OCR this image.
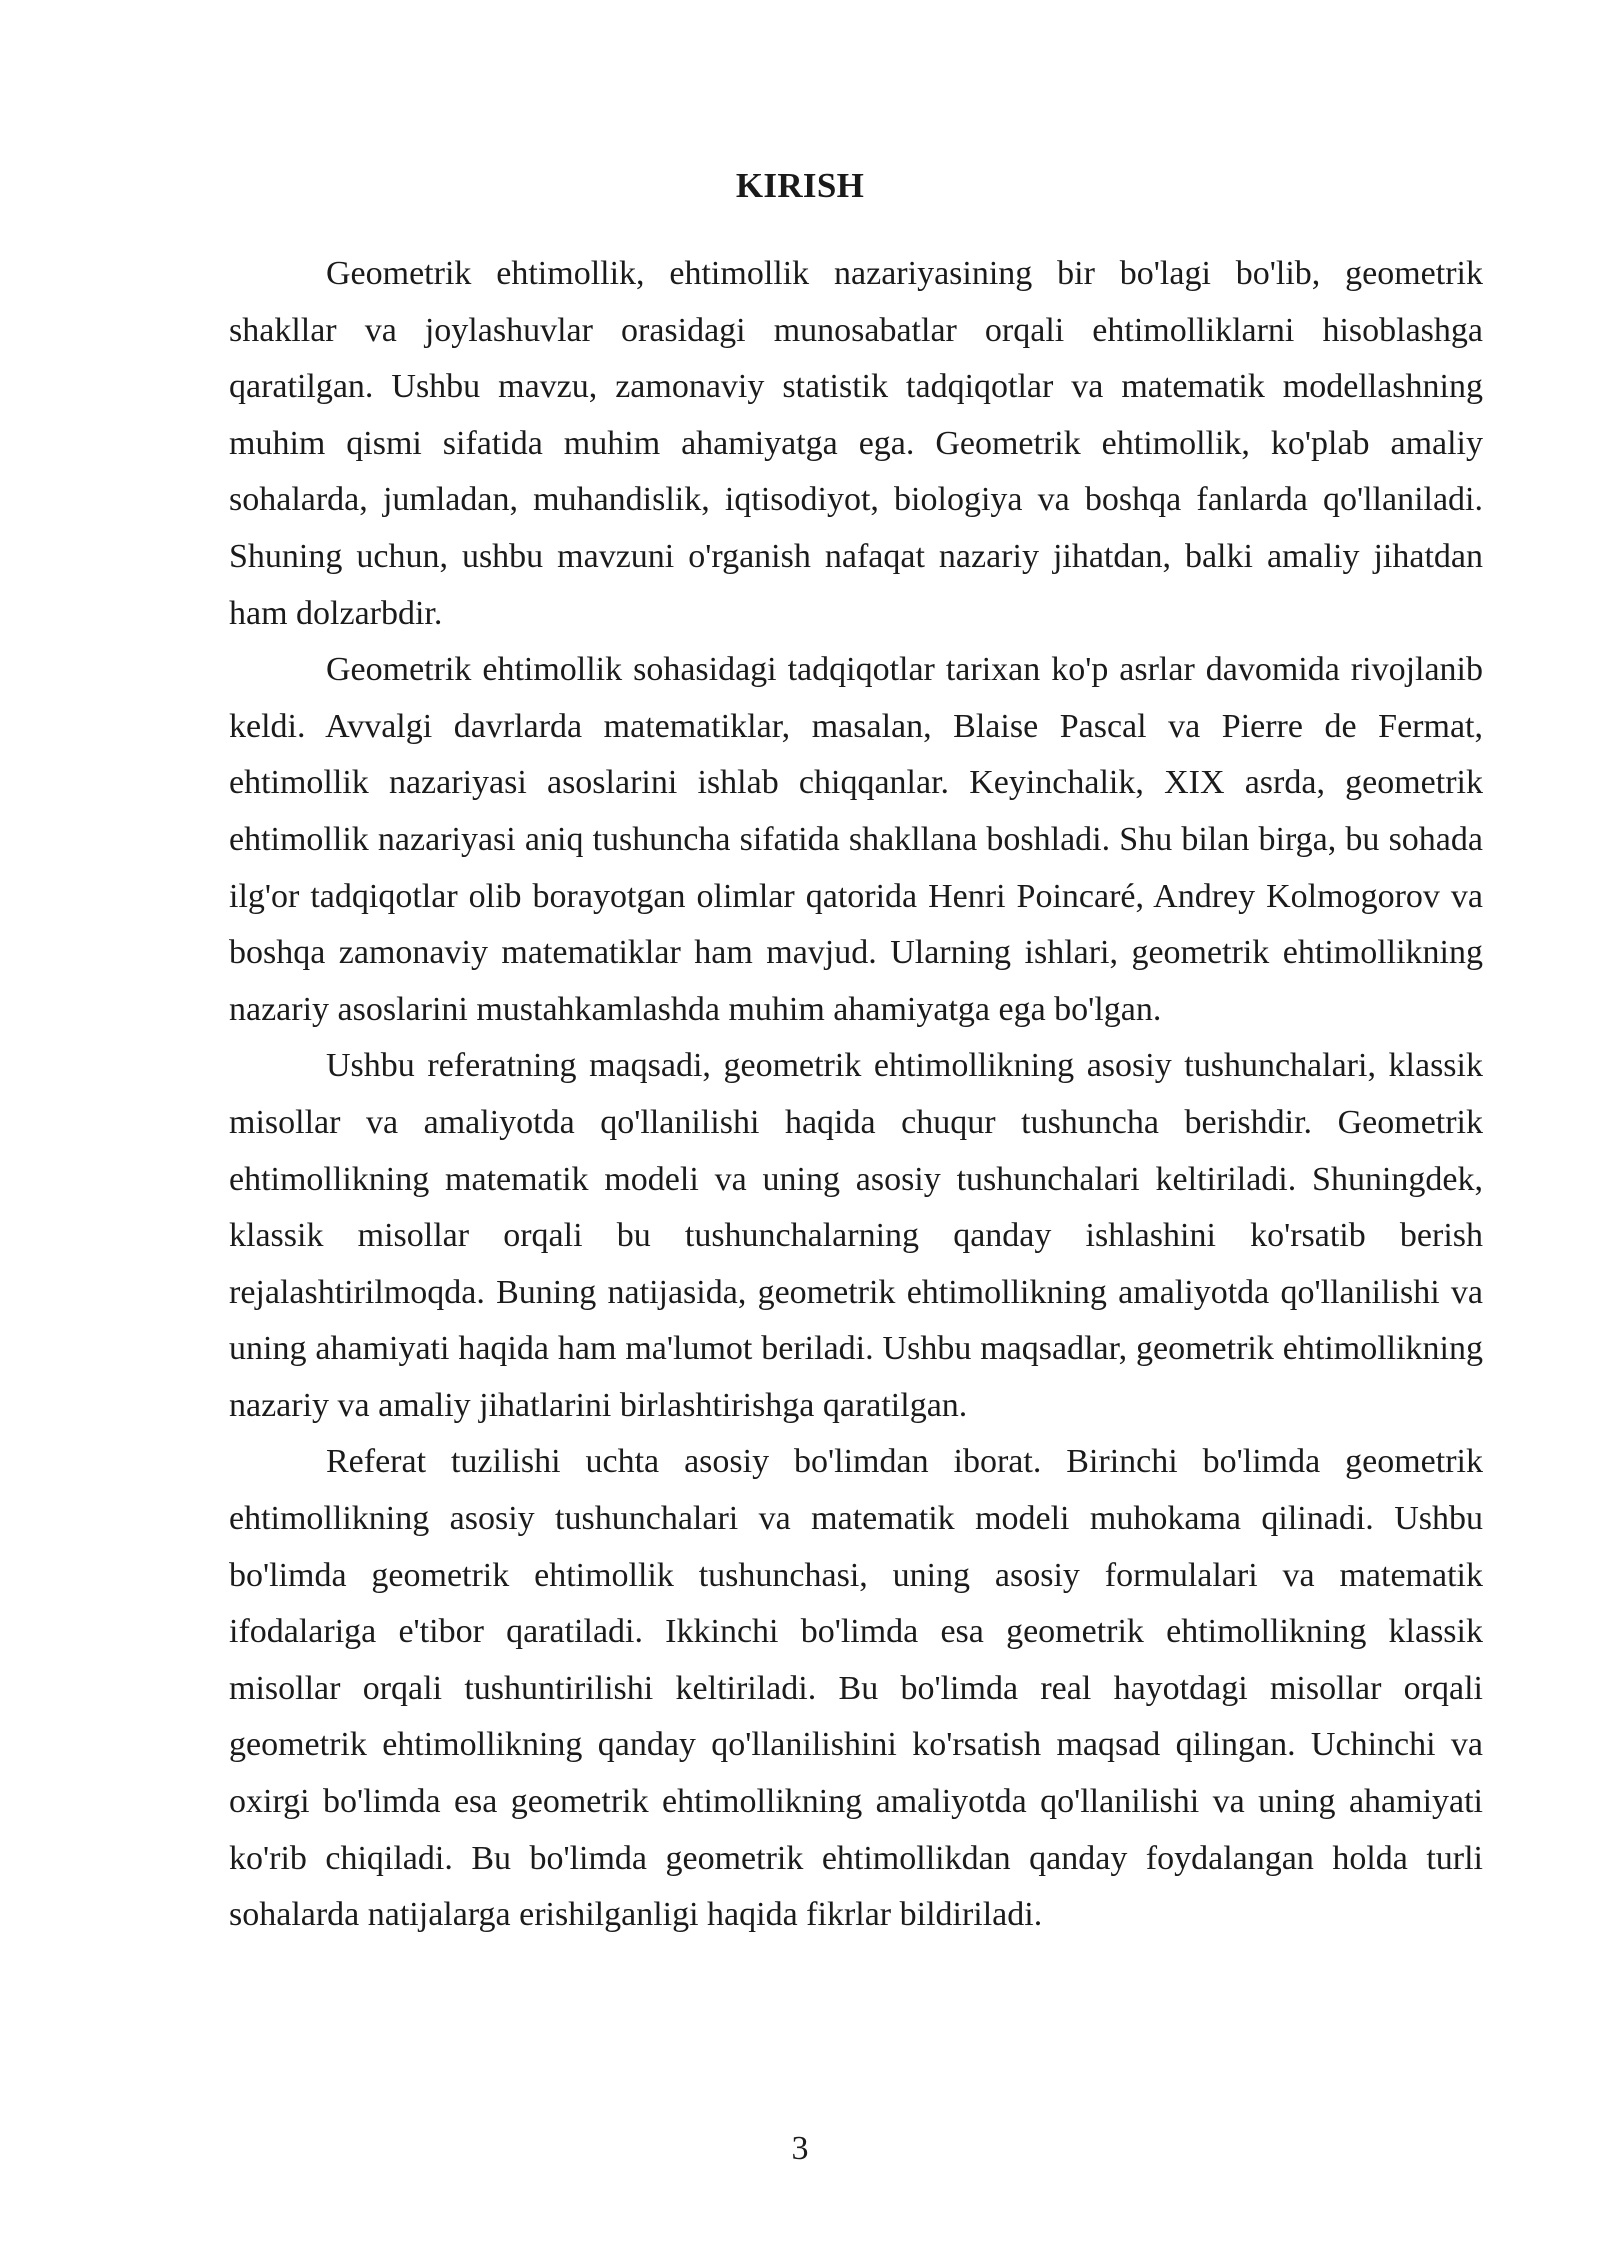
KIRISH

Geometrik ehtimollik, ehtimollik nazariyasining bir bo'lagi bo'lib, geometrik shakllar va joylashuvlar orasidagi munosabatlar orqali ehtimolliklarni hisoblashga qaratilgan. Ushbu mavzu, zamonaviy statistik tadqiqotlar va matematik modellashning muhim qismi sifatida muhim ahamiyatga ega. Geometrik ehtimollik, ko'plab amaliy sohalarda, jumladan, muhandislik, iqtisodiyot, biologiya va boshqa fanlarda qo'llaniladi. Shuning uchun, ushbu mavzuni o'rganish nafaqat nazariy jihatdan, balki amaliy jihatdan ham dolzarbdir.

Geometrik ehtimollik sohasidagi tadqiqotlar tarixan ko'p asrlar davomida rivojlanib keldi. Avvalgi davrlarda matematiklar, masalan, Blaise Pascal va Pierre de Fermat, ehtimollik nazariyasi asoslarini ishlab chiqqanlar. Keyinchalik, XIX asrda, geometrik ehtimollik nazariyasi aniq tushuncha sifatida shakllana boshladi. Shu bilan birga, bu sohada ilg'or tadqiqotlar olib borayotgan olimlar qatorida Henri Poincaré, Andrey Kolmogorov va boshqa zamonaviy matematiklar ham mavjud. Ularning ishlari, geometrik ehtimollikning nazariy asoslarini mustahkamlashda muhim ahamiyatga ega bo'lgan.

Ushbu referatning maqsadi, geometrik ehtimollikning asosiy tushunchalari, klassik misollar va amaliyotda qo'llanilishi haqida chuqur tushuncha berishdir. Geometrik ehtimollikning matematik modeli va uning asosiy tushunchalari keltiriladi. Shuningdek, klassik misollar orqali bu tushunchalarning qanday ishlashini ko'rsatib berish rejalashtirilmoqda. Buning natijasida, geometrik ehtimollikning amaliyotda qo'llanilishi va uning ahamiyati haqida ham ma'lumot beriladi. Ushbu maqsadlar, geometrik ehtimollikning nazariy va amaliy jihatlarini birlashtirishga qaratilgan.

Referat tuzilishi uchta asosiy bo'limdan iborat. Birinchi bo'limda geometrik ehtimollikning asosiy tushunchalari va matematik modeli muhokama qilinadi. Ushbu bo'limda geometrik ehtimollik tushunchasi, uning asosiy formulalari va matematik ifodalariga e'tibor qaratiladi. Ikkinchi bo'limda esa geometrik ehtimollikning klassik misollar orqali tushuntirilishi keltiriladi. Bu bo'limda real hayotdagi misollar orqali geometrik ehtimollikning qanday qo'llanilishini ko'rsatish maqsad qilingan. Uchinchi va oxirgi bo'limda esa geometrik ehtimollikning amaliyotda qo'llanilishi va uning ahamiyati ko'rib chiqiladi. Bu bo'limda geometrik ehtimollikdan qanday foydalangan holda turli sohalarda natijalarga erishilganligi haqida fikrlar bildiriladi.

3
